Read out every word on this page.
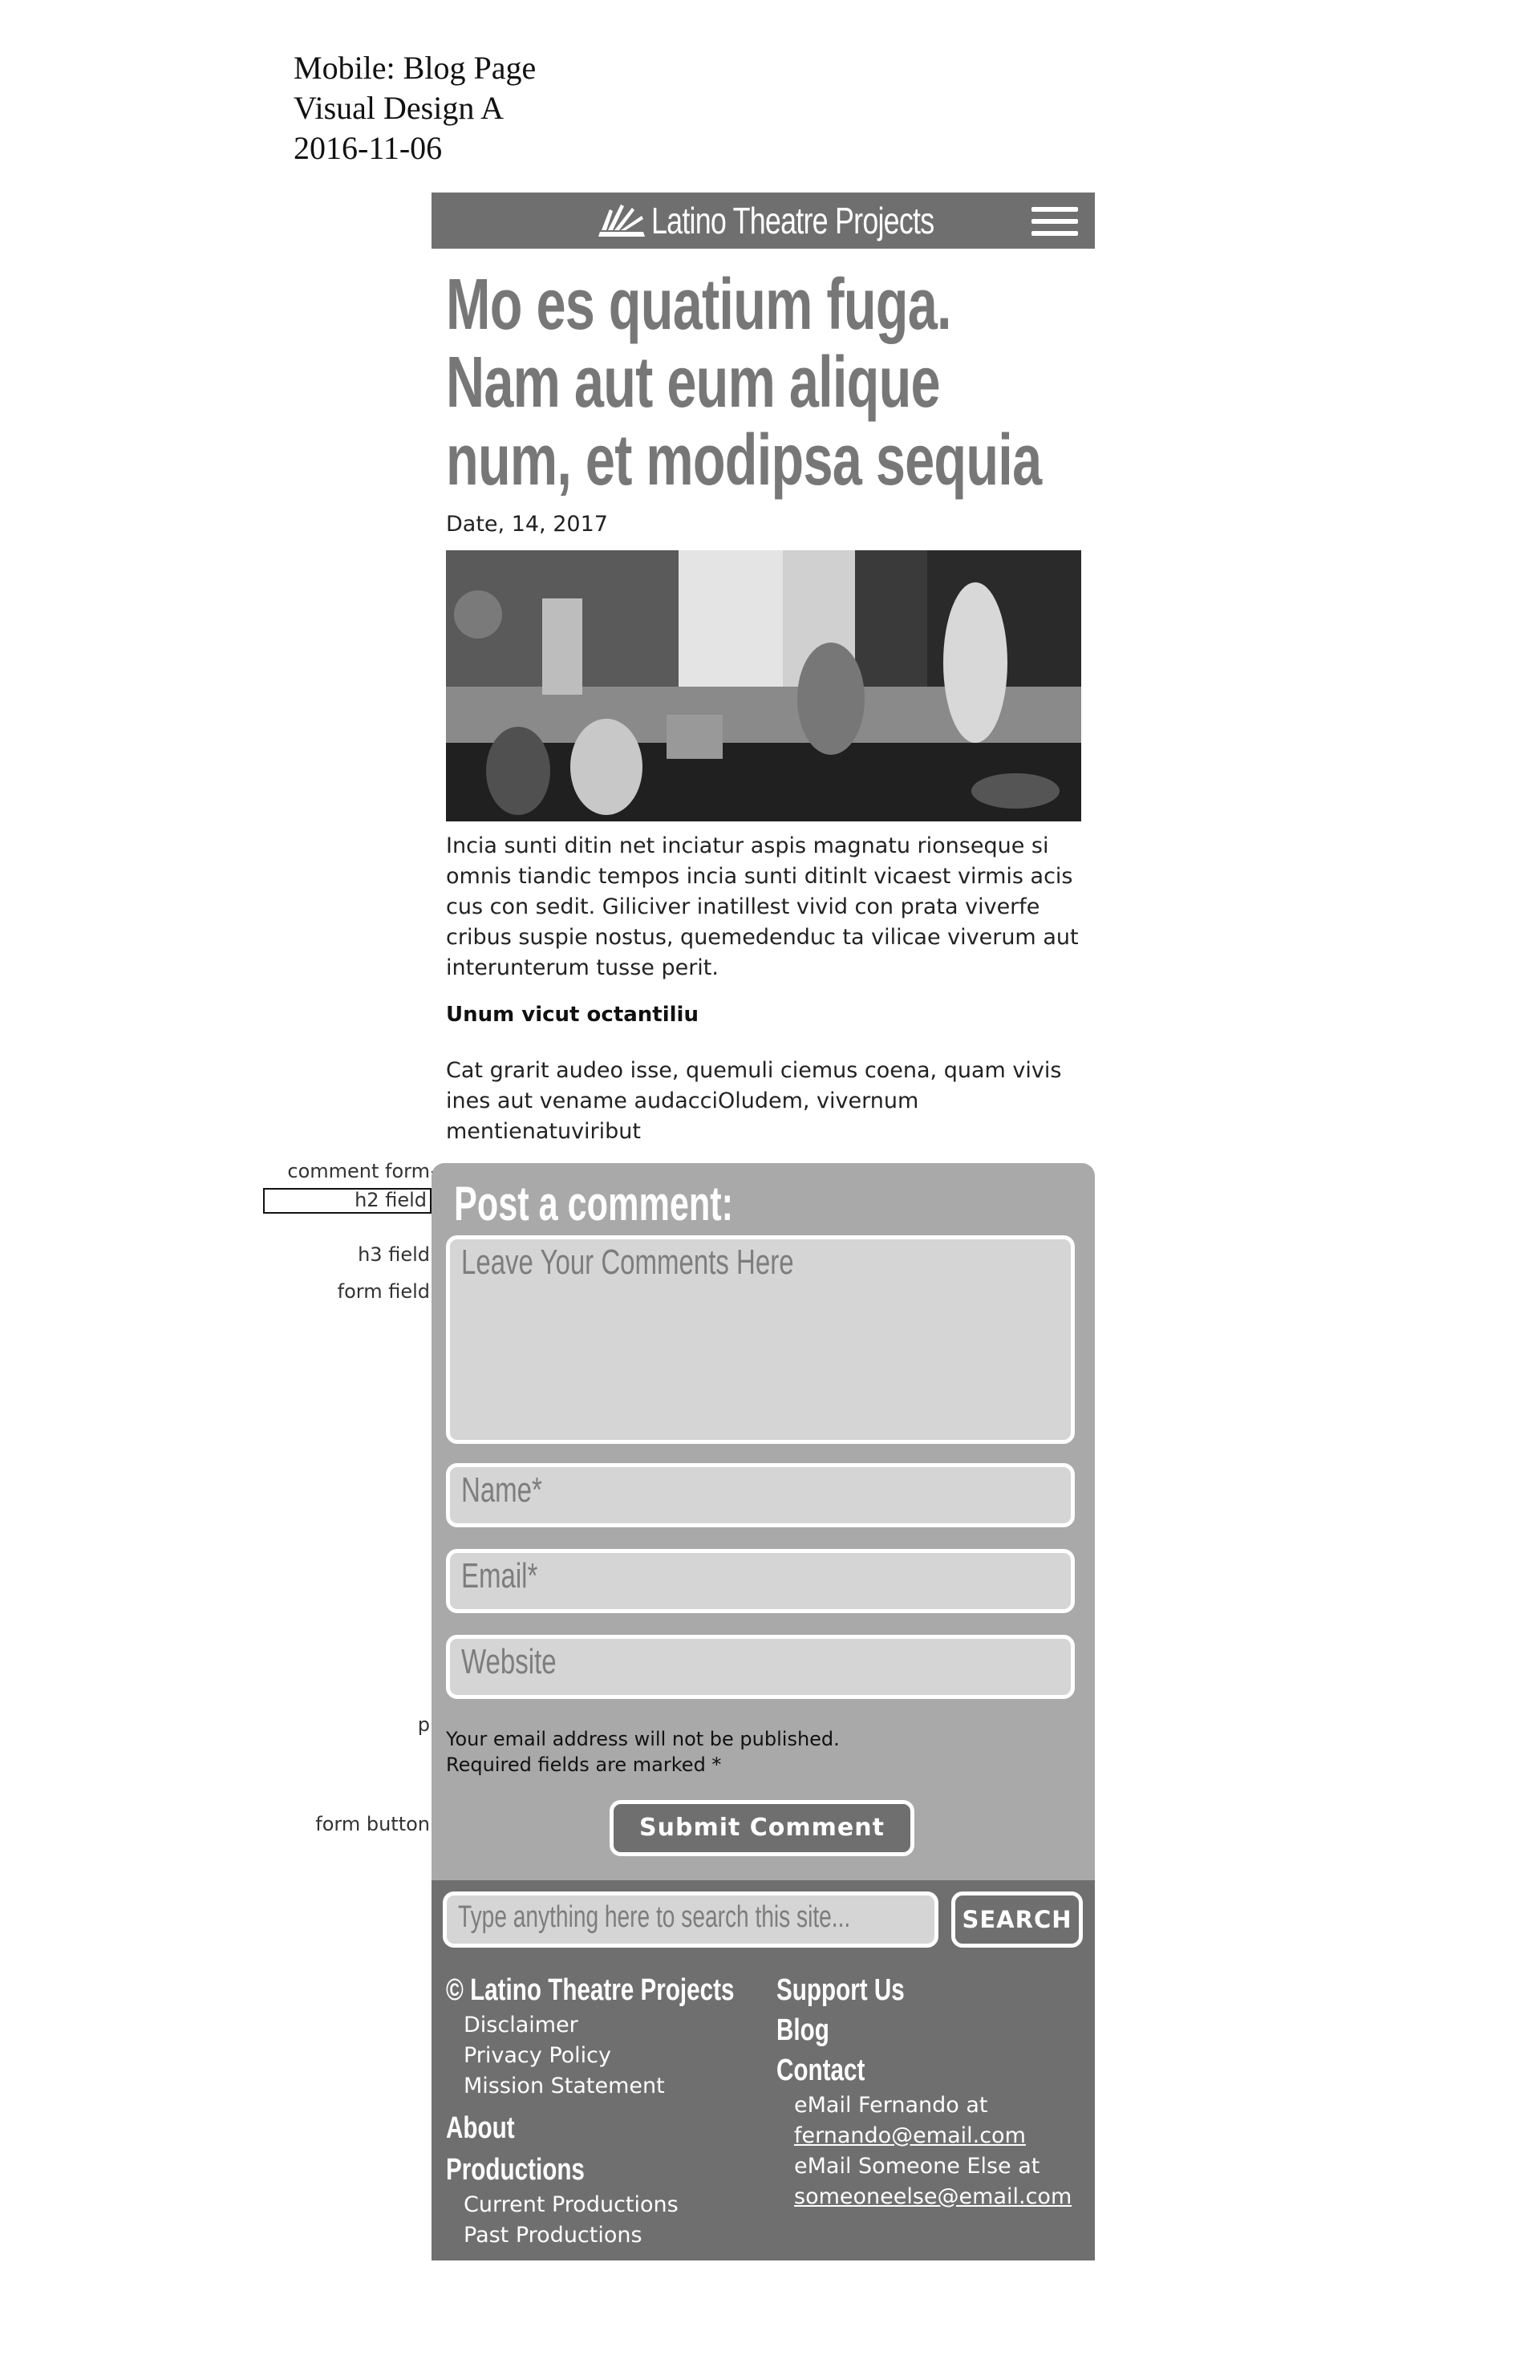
Mobile: Blog Page
Visual Design A
2016-11-06
comment form
h2 field
h3 field
form field
p
form button
Latino Theatre Projects
Mo es quatium fuga. Nam aut eum alique num, et modipsa sequia
Date, 14, 2017
Incia sunti ditin net inciatur aspis magnatu rionseque si omnis tiandic tempos incia sunti ditinlt vicaest virmis acis cus con sedit. Giliciver inatillest vivid con prata viverfe cribus suspie nostus, quemedenduc ta vilicae viverum aut interunterum tusse perit.
Unum vicut octantiliu
Cat grarit audeo isse, quemuli ciemus coena, quam vivis ines aut vename audacciOludem, vivernum mentienatuviribut
Post a comment:
Leave Your Comments Here
Name*
Email*
Website
Your email address will not be published.
Required fields are marked *
Submit Comment
Type anything here to search this site...	SEARCH
© Latino Theatre Projects
Disclaimer
Privacy Policy
Mission Statement
About
Productions
Current Productions
Past Productions
Support Us
Blog
Contact
eMail Fernando at
fernando@email.com
eMail Someone Else at
someoneelse@email.com
